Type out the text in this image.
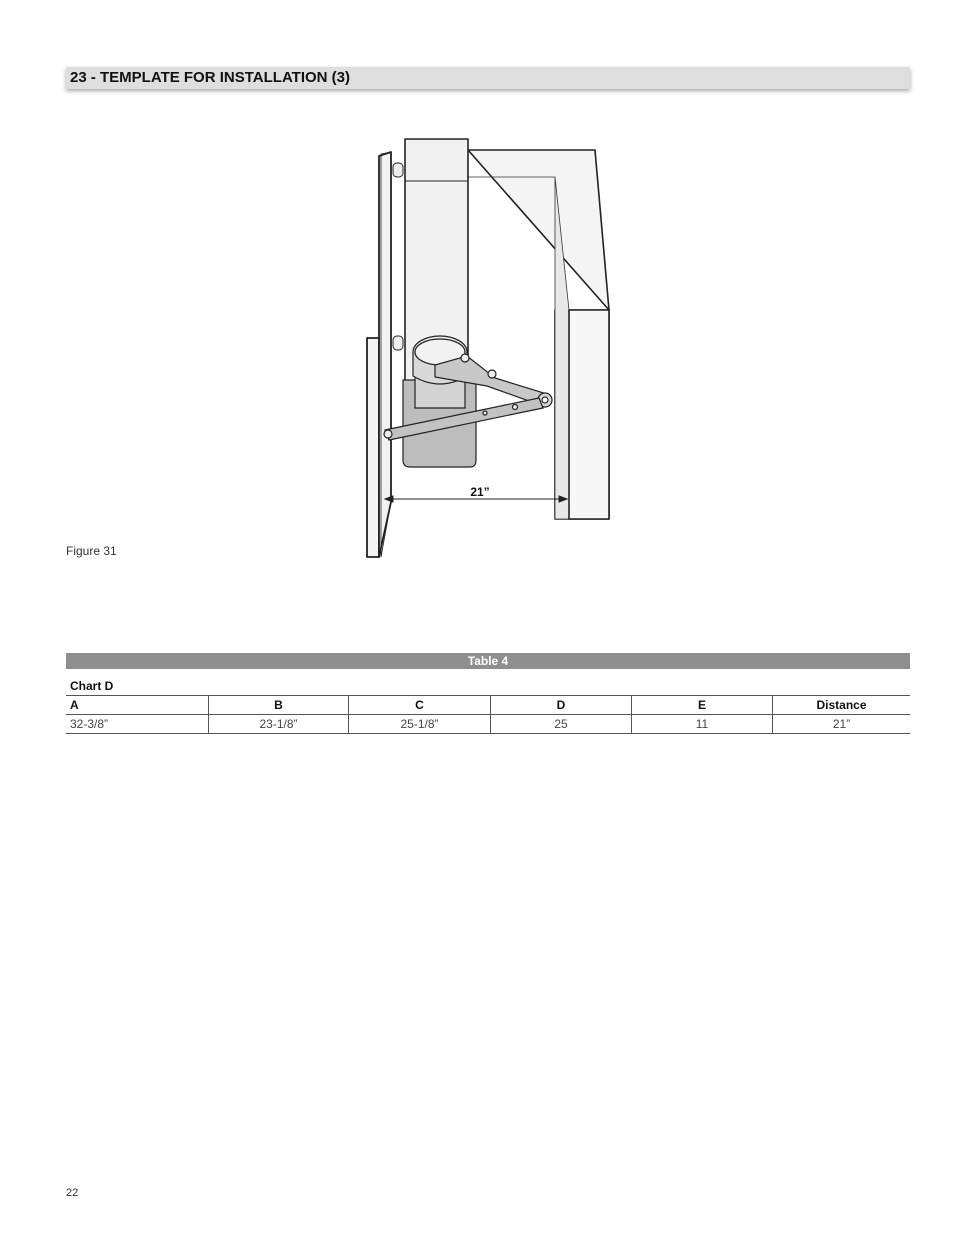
23 - TEMPLATE FOR INSTALLATION (3)
21”
Figure 31
Table 4
Chart D
A	B	C	D	E	Distance
32-3/8”	23-1/8”	25-1/8”	25	11	21”
22
